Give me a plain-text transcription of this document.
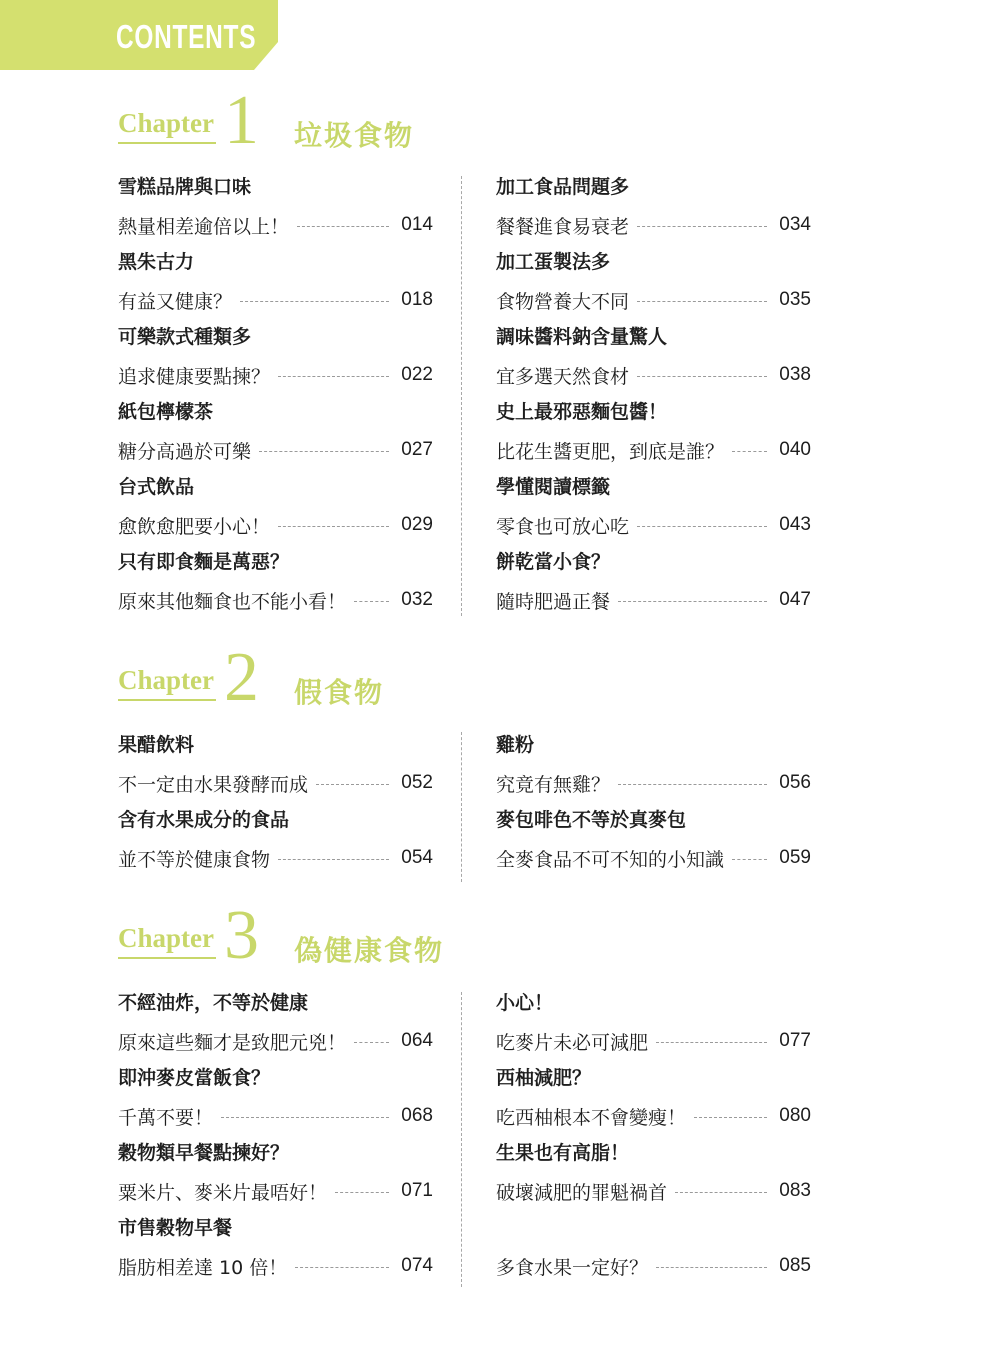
CONTENTS
Chapter 1 垃圾食物
雪糕品牌與口味
熱量相差逾倍以上！	014
黑朱古力
有益又健康？	018
可樂款式種類多
追求健康要點揀？	022
紙包檸檬茶
糖分高過於可樂	027
台式飲品
愈飲愈肥要小心！	029
只有即食麵是萬惡？
原來其他麵食也不能小看！	032
加工食品問題多
餐餐進食易衰老	034
加工蛋製法多
食物營養大不同	035
調味醬料鈉含量驚人
宜多選天然食材	038
史上最邪惡麵包醬！
比花生醬更肥，到底是誰？	040
學懂閱讀標籤
零食也可放心吃	043
餅乾當小食？
隨時肥過正餐	047
Chapter 2 假食物
果醋飲料
不一定由水果發酵而成	052
含有水果成分的食品
並不等於健康食物	054
雞粉
究竟有無雞？	056
麥包啡色不等於真麥包
全麥食品不可不知的小知識	059
Chapter 3 偽健康食物
不經油炸，不等於健康
原來這些麵才是致肥元兇！	064
即沖麥皮當飯食？
千萬不要！	068
穀物類早餐點揀好？
粟米片、麥米片最唔好！	071
市售穀物早餐
脂肪相差達 10 倍！	074
小心！
吃麥片未必可減肥	077
西柚減肥？
吃西柚根本不會變瘦！	080
生果也有高脂！
破壞減肥的罪魁禍首	083
多食水果一定好？	085
